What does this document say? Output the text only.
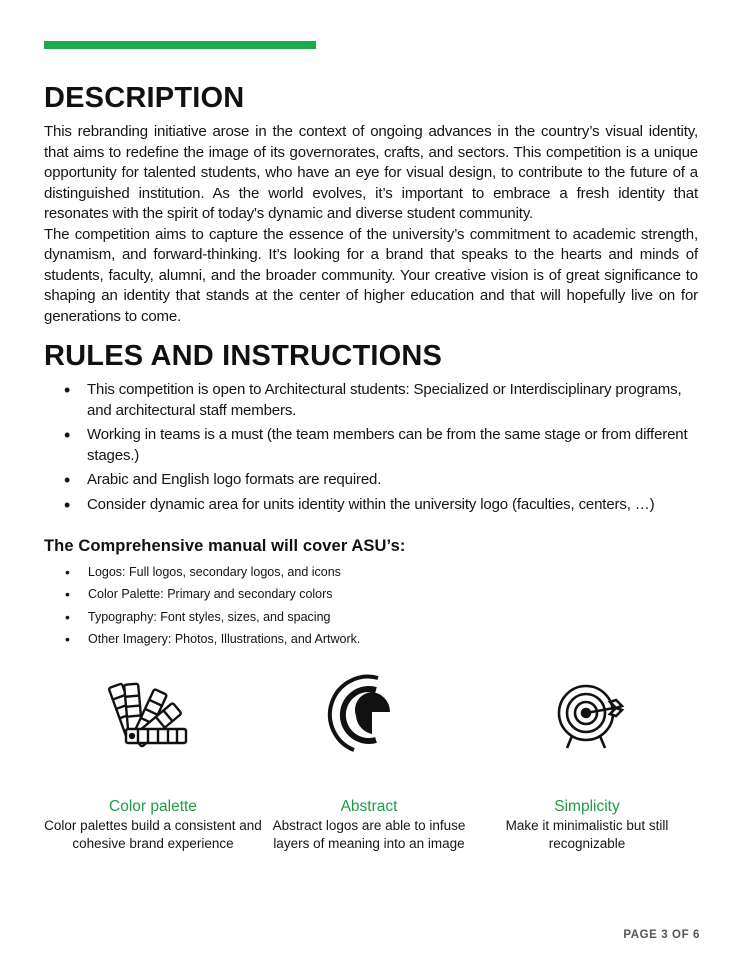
DESCRIPTION

This rebranding initiative arose in the context of ongoing advances in the country’s visual identity, that aims to redefine the image of its governorates, crafts, and sectors. This competition is a unique opportunity for talented students, who have an eye for visual design, to contribute to the future of a distinguished institution. As the world evolves, it’s important to embrace a fresh identity that resonates with the spirit of today's dynamic and diverse student community.

The competition aims to capture the essence of the university’s commitment to academic strength, dynamism, and forward-thinking. It’s looking for a brand that speaks to the hearts and minds of students, faculty, alumni, and the broader community. Your creative vision is of great significance to shaping an identity that stands at the center of higher education and that will hopefully live on for generations to come.

RULES AND INSTRUCTIONS
• This competition is open to Architectural students: Specialized or Interdisciplinary programs, and architectural staff members.
• Working in teams is a must (the team members can be from the same stage or from different stages.)
• Arabic and English logo formats are required.
• Consider dynamic area for units identity within the university logo (faculties, centers, …)
The Comprehensive manual will cover ASU’s:
• Logos: Full logos, secondary logos, and icons
• Color Palette: Primary and secondary colors
• Typography: Font styles, sizes, and spacing
• Other Imagery: Photos, Illustrations, and Artwork.
Color palette
Color palettes build a consistent and cohesive brand experience
Abstract
Abstract logos are able to infuse layers of meaning into an image
Simplicity
Make it minimalistic but still recognizable
PAGE 3 OF 6
